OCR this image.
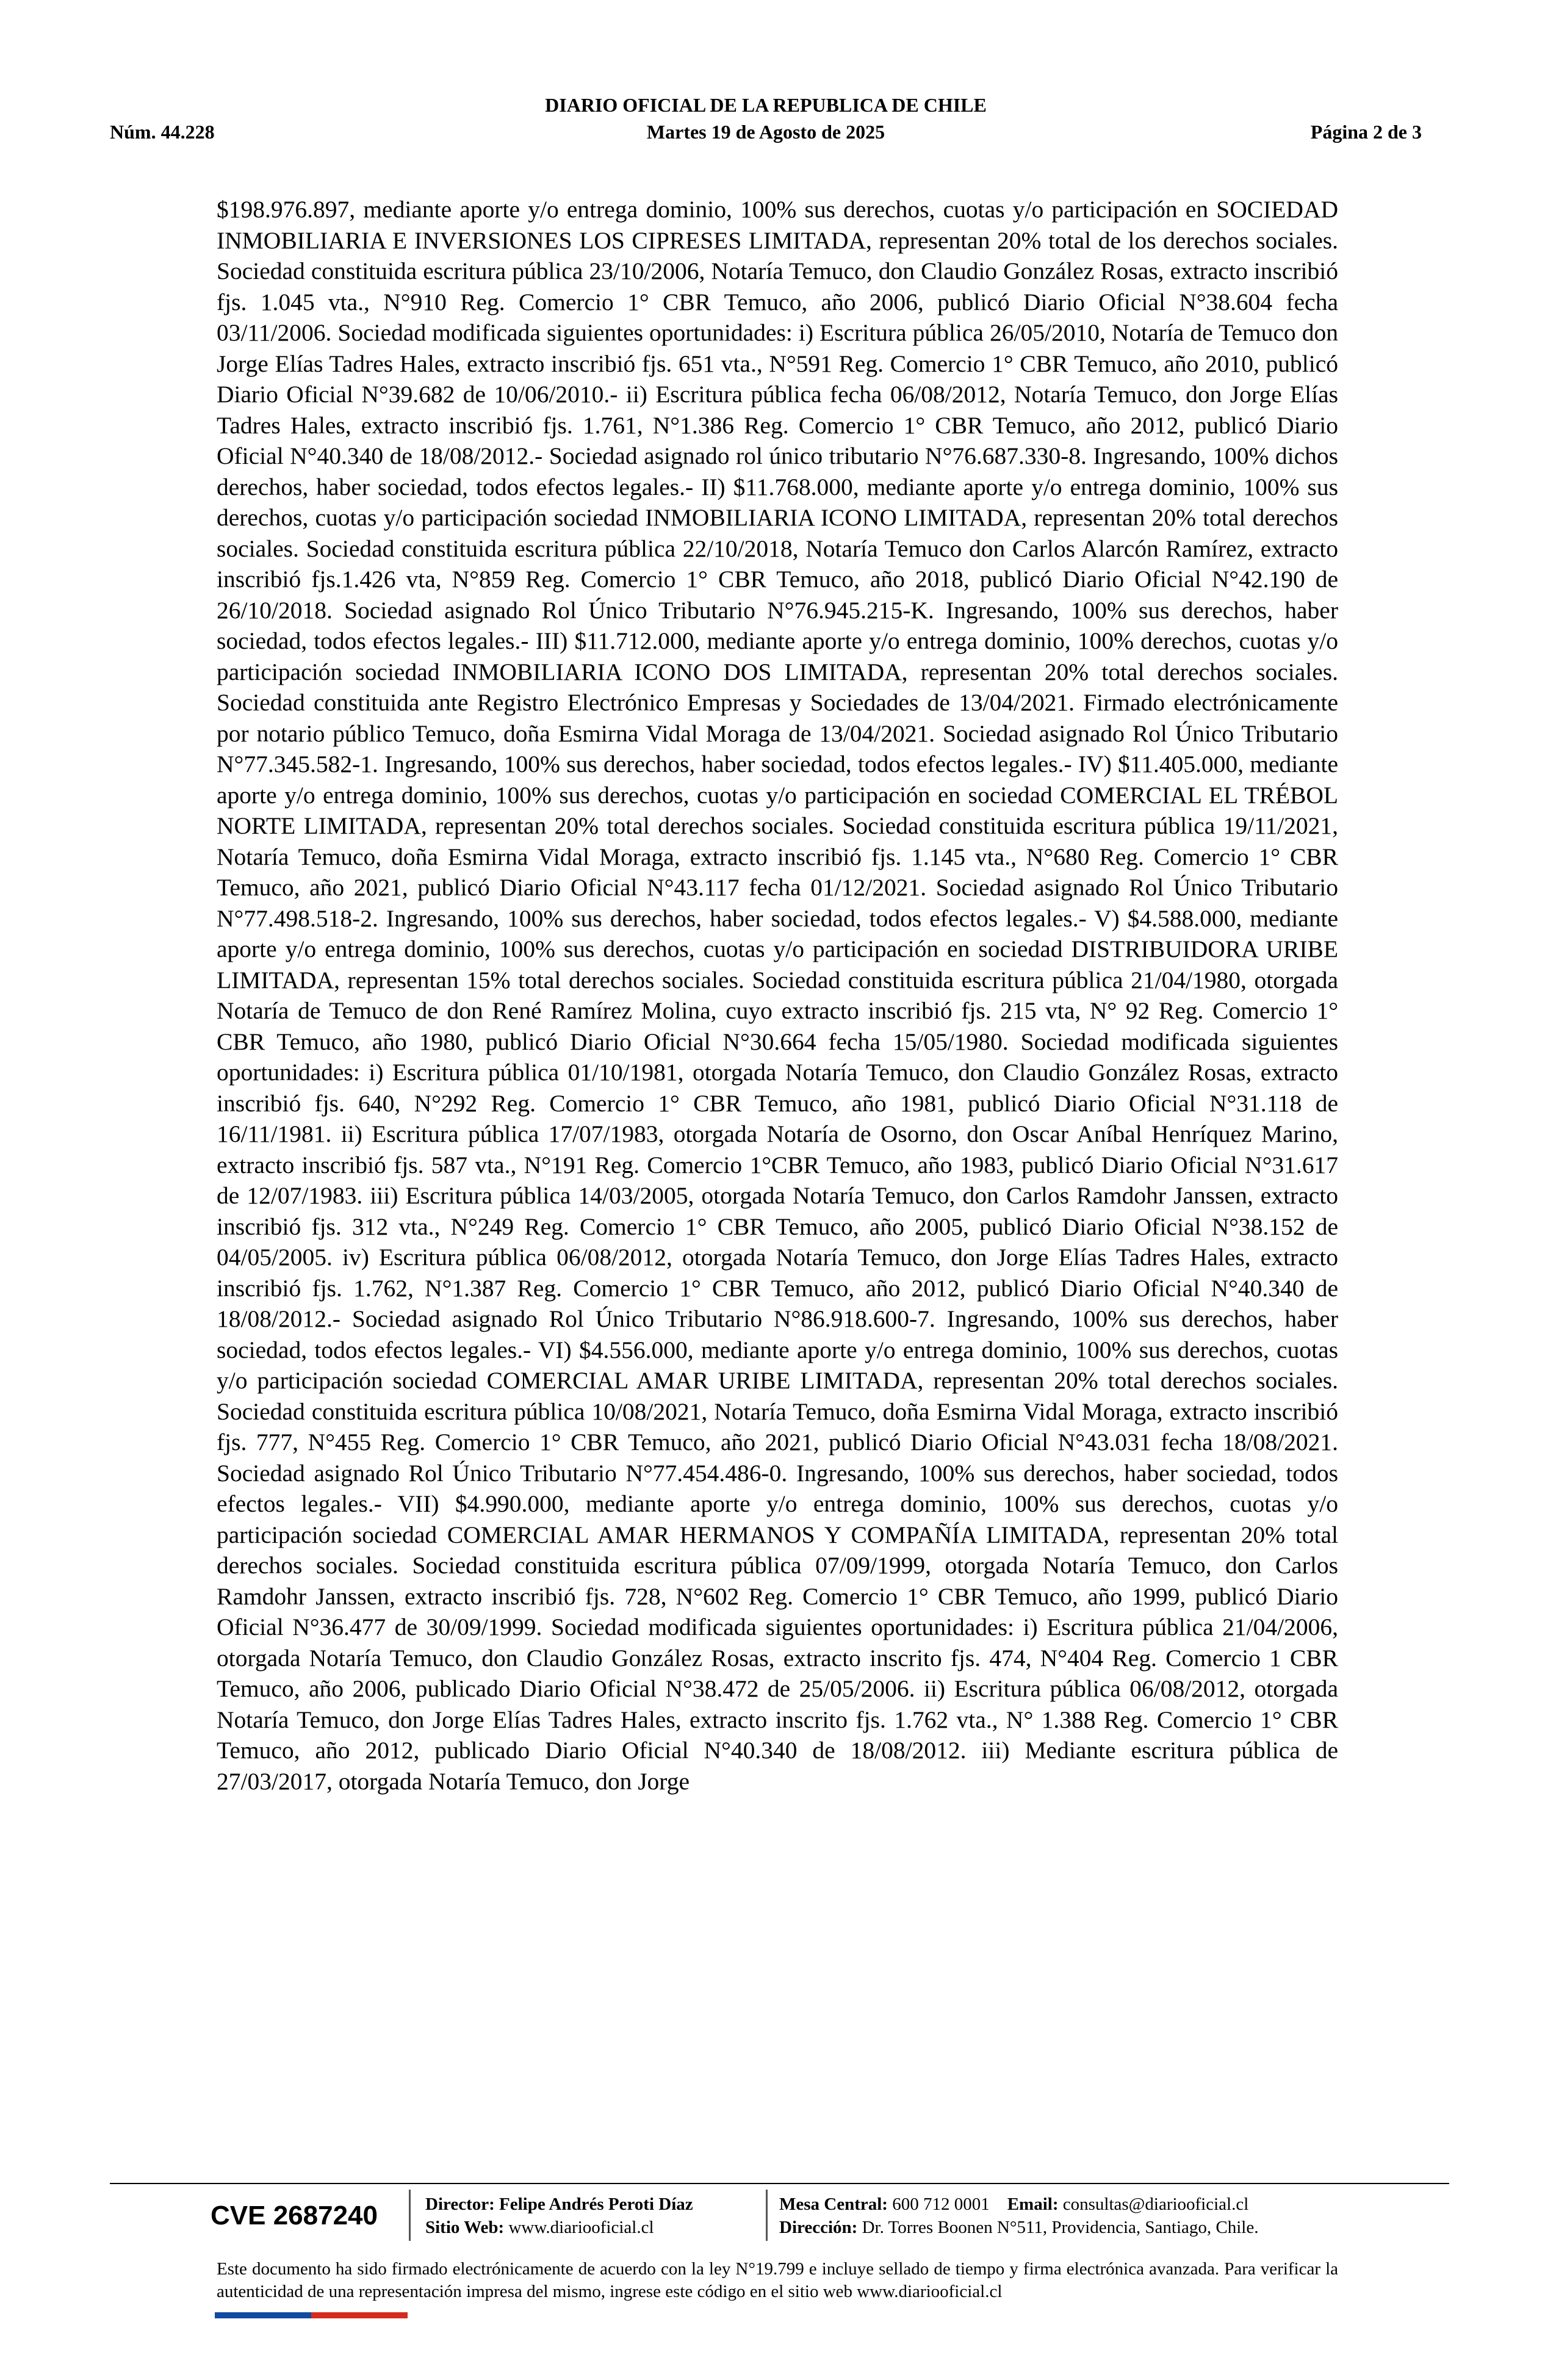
Núm. 44.228
DIARIO OFICIAL DE LA REPUBLICA DE CHILE
Martes 19 de Agosto de 2025	Página 2 de 3
$198.976.897, mediante aporte y/o entrega dominio, 100% sus derechos, cuotas y/o participación en SOCIEDAD INMOBILIARIA E INVERSIONES LOS CIPRESES LIMITADA, representan 20% total de los derechos sociales. Sociedad constituida escritura pública 23/10/2006, Notaría Temuco, don Claudio González Rosas, extracto inscribió fjs. 1.045 vta., N°910 Reg. Comercio 1° CBR Temuco, año 2006, publicó Diario Oficial N°38.604 fecha 03/11/2006. Sociedad modificada siguientes oportunidades: i) Escritura pública 26/05/2010, Notaría de Temuco don Jorge Elías Tadres Hales, extracto inscribió fjs. 651 vta., N°591 Reg. Comercio 1° CBR Temuco, año 2010, publicó Diario Oficial N°39.682 de 10/06/2010.- ii) Escritura pública fecha 06/08/2012, Notaría Temuco, don Jorge Elías Tadres Hales, extracto inscribió fjs. 1.761, N°1.386 Reg. Comercio 1° CBR Temuco, año 2012, publicó Diario Oficial N°40.340 de 18/08/2012.- Sociedad asignado rol único tributario N°76.687.330-8. Ingresando, 100% dichos derechos, haber sociedad, todos efectos legales.- II) $11.768.000, mediante aporte y/o entrega dominio, 100% sus derechos, cuotas y/o participación sociedad INMOBILIARIA ICONO LIMITADA, representan 20% total derechos sociales. Sociedad constituida escritura pública 22/10/2018, Notaría Temuco don Carlos Alarcón Ramírez, extracto inscribió fjs.1.426 vta, N°859 Reg. Comercio 1° CBR Temuco, año 2018, publicó Diario Oficial N°42.190 de 26/10/2018. Sociedad asignado Rol Único Tributario N°76.945.215-K. Ingresando, 100% sus derechos, haber sociedad, todos efectos legales.- III) $11.712.000, mediante aporte y/o entrega dominio, 100% derechos, cuotas y/o participación sociedad INMOBILIARIA ICONO DOS LIMITADA, representan 20% total derechos sociales. Sociedad constituida ante Registro Electrónico Empresas y Sociedades de 13/04/2021. Firmado electrónicamente por notario público Temuco, doña Esmirna Vidal Moraga de 13/04/2021. Sociedad asignado Rol Único Tributario N°77.345.582-1. Ingresando, 100% sus derechos, haber sociedad, todos efectos legales.- IV) $11.405.000, mediante aporte y/o entrega dominio, 100% sus derechos, cuotas y/o participación en sociedad COMERCIAL EL TRÉBOL NORTE LIMITADA, representan 20% total derechos sociales. Sociedad constituida escritura pública 19/11/2021, Notaría Temuco, doña Esmirna Vidal Moraga, extracto inscribió fjs. 1.145 vta., N°680 Reg. Comercio 1° CBR Temuco, año 2021, publicó Diario Oficial N°43.117 fecha 01/12/2021. Sociedad asignado Rol Único Tributario N°77.498.518-2. Ingresando, 100% sus derechos, haber sociedad, todos efectos legales.- V) $4.588.000, mediante aporte y/o entrega dominio, 100% sus derechos, cuotas y/o participación en sociedad DISTRIBUIDORA URIBE LIMITADA, representan 15% total derechos sociales. Sociedad constituida escritura pública 21/04/1980, otorgada Notaría de Temuco de don René Ramírez Molina, cuyo extracto inscribió fjs. 215 vta, N° 92 Reg. Comercio 1° CBR Temuco, año 1980, publicó Diario Oficial N°30.664 fecha 15/05/1980. Sociedad modificada siguientes oportunidades: i) Escritura pública 01/10/1981, otorgada Notaría Temuco, don Claudio González Rosas, extracto inscribió fjs. 640, N°292 Reg. Comercio 1° CBR Temuco, año 1981, publicó Diario Oficial N°31.118 de 16/11/1981. ii) Escritura pública 17/07/1983, otorgada Notaría de Osorno, don Oscar Aníbal Henríquez Marino, extracto inscribió fjs. 587 vta., N°191 Reg. Comercio 1°CBR Temuco, año 1983, publicó Diario Oficial N°31.617 de 12/07/1983. iii) Escritura pública 14/03/2005, otorgada Notaría Temuco, don Carlos Ramdohr Janssen, extracto inscribió fjs. 312 vta., N°249 Reg. Comercio 1° CBR Temuco, año 2005, publicó Diario Oficial N°38.152 de 04/05/2005. iv) Escritura pública 06/08/2012, otorgada Notaría Temuco, don Jorge Elías Tadres Hales, extracto inscribió fjs. 1.762, N°1.387 Reg. Comercio 1° CBR Temuco, año 2012, publicó Diario Oficial N°40.340 de 18/08/2012.- Sociedad asignado Rol Único Tributario N°86.918.600-7. Ingresando, 100% sus derechos, haber sociedad, todos efectos legales.- VI) $4.556.000, mediante aporte y/o entrega dominio, 100% sus derechos, cuotas y/o participación sociedad COMERCIAL AMAR URIBE LIMITADA, representan 20% total derechos sociales. Sociedad constituida escritura pública 10/08/2021, Notaría Temuco, doña Esmirna Vidal Moraga, extracto inscribió fjs. 777, N°455 Reg. Comercio 1° CBR Temuco, año 2021, publicó Diario Oficial N°43.031 fecha 18/08/2021. Sociedad asignado Rol Único Tributario N°77.454.486-0. Ingresando, 100% sus derechos, haber sociedad, todos efectos legales.- VII) $4.990.000, mediante aporte y/o entrega dominio, 100% sus derechos, cuotas y/o participación sociedad COMERCIAL AMAR HERMANOS Y COMPAÑÍA LIMITADA, representan 20% total derechos sociales. Sociedad constituida escritura pública 07/09/1999, otorgada Notaría Temuco, don Carlos Ramdohr Janssen, extracto inscribió fjs. 728, N°602 Reg. Comercio 1° CBR Temuco, año 1999, publicó Diario Oficial N°36.477 de 30/09/1999. Sociedad modificada siguientes oportunidades: i) Escritura pública 21/04/2006, otorgada Notaría Temuco, don Claudio González Rosas, extracto inscrito fjs. 474, N°404 Reg. Comercio 1 CBR Temuco, año 2006, publicado Diario Oficial N°38.472 de 25/05/2006. ii) Escritura pública 06/08/2012, otorgada Notaría Temuco, don Jorge Elías Tadres Hales, extracto inscrito fjs. 1.762 vta., N° 1.388 Reg. Comercio 1° CBR Temuco, año 2012, publicado Diario Oficial N°40.340 de 18/08/2012. iii) Mediante escritura pública de 27/03/2017, otorgada Notaría Temuco, don Jorge
CVE 2687240	Director: Felipe Andrés Peroti Díaz
Sitio Web: www.diariooficial.cl
Mesa Central: 600 712 0001 Email: consultas@diariooficial.cl
Dirección: Dr. Torres Boonen N°511, Providencia, Santiago, Chile.
Este documento ha sido firmado electrónicamente de acuerdo con la ley N°19.799 e incluye sellado de tiempo y firma electrónica avanzada. Para verificar la autenticidad de una representación impresa del mismo, ingrese este código en el sitio web www.diariooficial.cl
